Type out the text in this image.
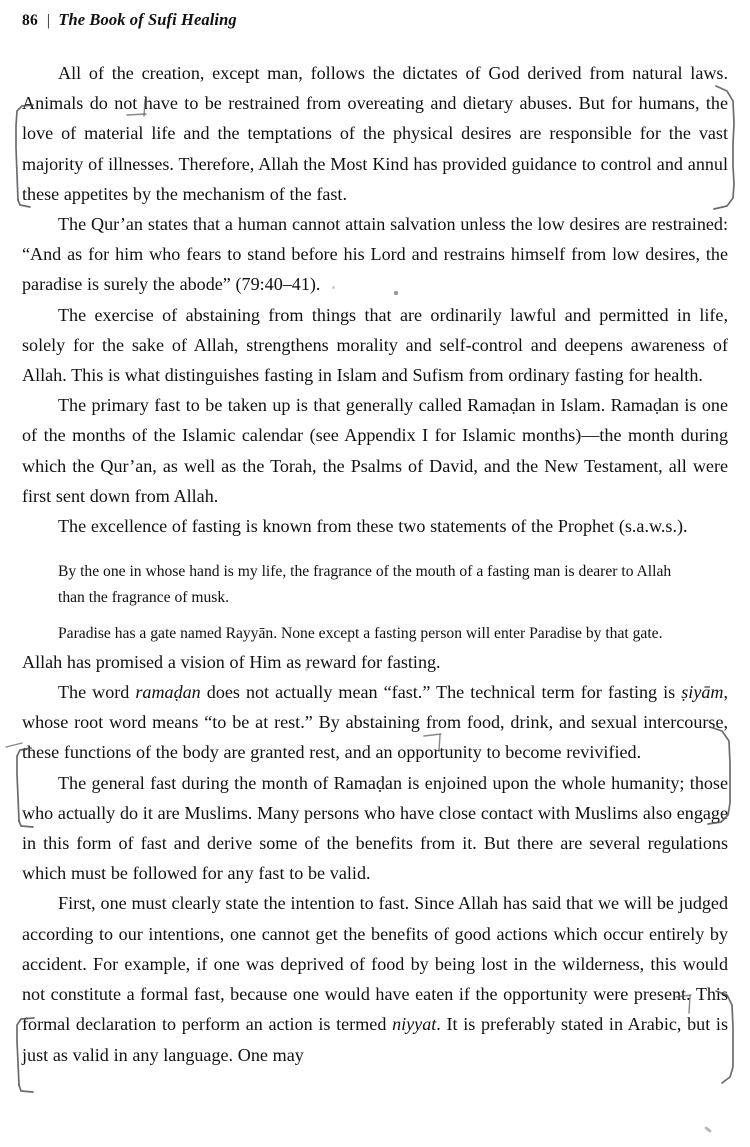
86 | The Book of Sufi Healing

All of the creation, except man, follows the dictates of God derived from natural laws. Animals do not have to be restrained from overeating and dietary abuses. But for humans, the love of material life and the temptations of the physical desires are responsible for the vast majority of illnesses. Therefore, Allah the Most Kind has provided guidance to control and annul these appetites by the mechanism of the fast.

The Qur’an states that a human cannot attain salvation unless the low desires are restrained: “And as for him who fears to stand before his Lord and restrains himself from low desires, the paradise is surely the abode” (79:40–41).

The exercise of abstaining from things that are ordinarily lawful and permitted in life, solely for the sake of Allah, strengthens morality and self-control and deepens awareness of Allah. This is what distinguishes fasting in Islam and Sufism from ordinary fasting for health.

The primary fast to be taken up is that generally called Ramaḍan in Islam. Ramaḍan is one of the months of the Islamic calendar (see Appendix I for Islamic months)—the month during which the Qur’an, as well as the Torah, the Psalms of David, and the New Testament, all were first sent down from Allah.

The excellence of fasting is known from these two statements of the Prophet (s.a.w.s.).

By the one in whose hand is my life, the fragrance of the mouth of a fasting man is dearer to Allah than the fragrance of musk.

Paradise has a gate named Rayyān. None except a fasting person will enter Paradise by that gate.

Allah has promised a vision of Him as reward for fasting.

The word ramaḍan does not actually mean “fast.” The technical term for fasting is ṣiyām, whose root word means “to be at rest.” By abstaining from food, drink, and sexual intercourse, these functions of the body are granted rest, and an opportunity to become revivified.

The general fast during the month of Ramaḍan is enjoined upon the whole humanity; those who actually do it are Muslims. Many persons who have close contact with Muslims also engage in this form of fast and derive some of the benefits from it. But there are several regulations which must be followed for any fast to be valid.

First, one must clearly state the intention to fast. Since Allah has said that we will be judged according to our intentions, one cannot get the benefits of good actions which occur entirely by accident. For example, if one was deprived of food by being lost in the wilderness, this would not constitute a formal fast, because one would have eaten if the opportunity were present. This formal declaration to perform an action is termed niyyat. It is preferably stated in Arabic, but is just as valid in any language. One may
